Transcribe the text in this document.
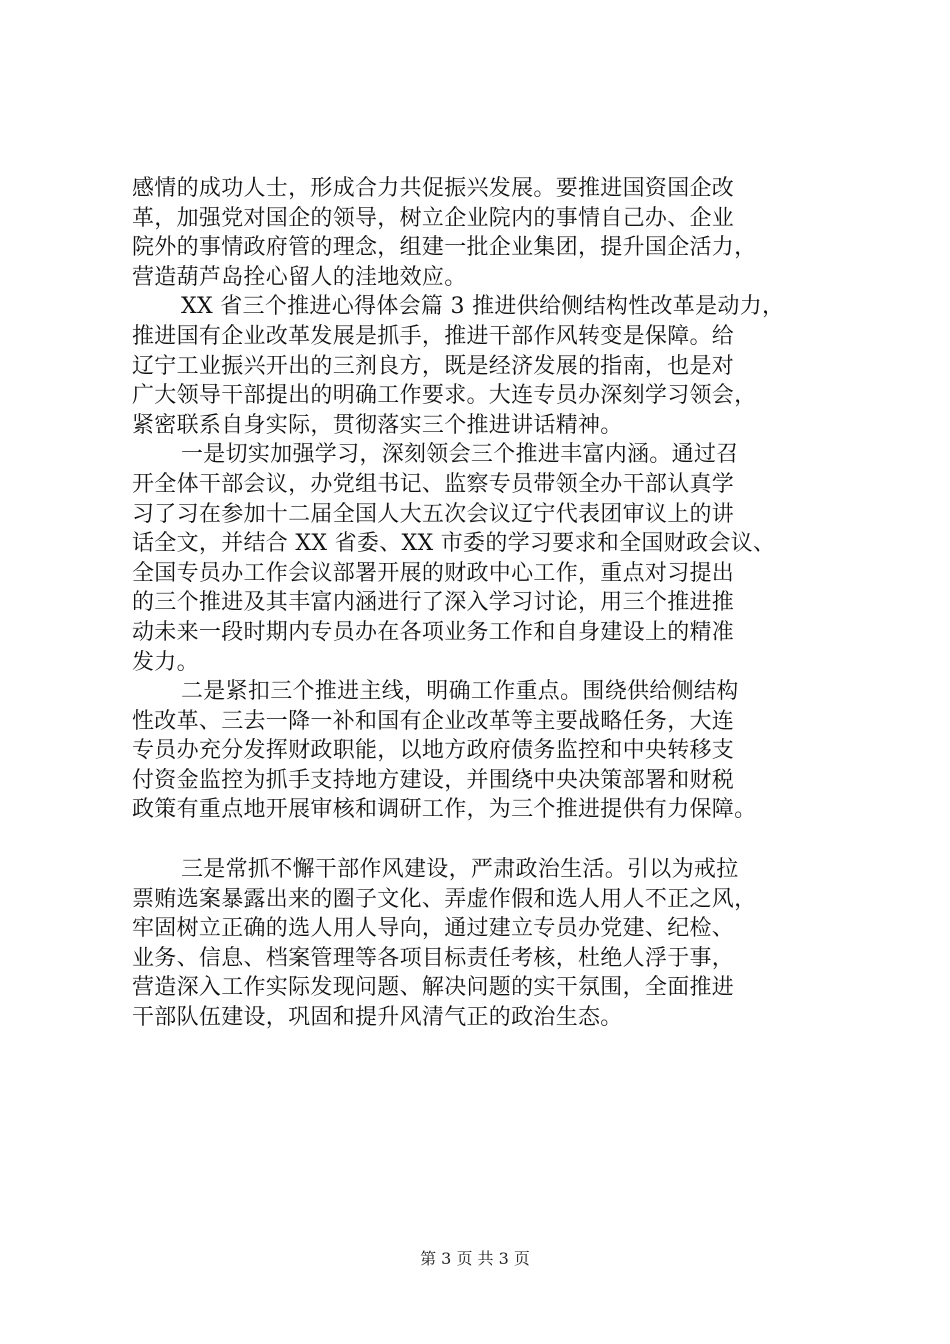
感情的成功人士，形成合力共促振兴发展。要推进国资国企改
革，加强党对国企的领导，树立企业院内的事情自己办、企业
院外的事情政府管的理念，组建一批企业集团，提升国企活力，
营造葫芦岛拴心留人的洼地效应。
XX 省三个推进心得体会篇 3 推进供给侧结构性改革是动力，
推进国有企业改革发展是抓手，推进干部作风转变是保障。给
辽宁工业振兴开出的三剂良方，既是经济发展的指南，也是对
广大领导干部提出的明确工作要求。大连专员办深刻学习领会，
紧密联系自身实际，贯彻落实三个推进讲话精神。
一是切实加强学习，深刻领会三个推进丰富内涵。通过召
开全体干部会议，办党组书记、监察专员带领全办干部认真学
习了习在参加十二届全国人大五次会议辽宁代表团审议上的讲
话全文，并结合 XX 省委、XX 市委的学习要求和全国财政会议、
全国专员办工作会议部署开展的财政中心工作，重点对习提出
的三个推进及其丰富内涵进行了深入学习讨论，用三个推进推
动未来一段时期内专员办在各项业务工作和自身建设上的精准
发力。
二是紧扣三个推进主线，明确工作重点。围绕供给侧结构
性改革、三去一降一补和国有企业改革等主要战略任务，大连
专员办充分发挥财政职能，以地方政府债务监控和中央转移支
付资金监控为抓手支持地方建设，并围绕中央决策部署和财税
政策有重点地开展审核和调研工作，为三个推进提供有力保障。
三是常抓不懈干部作风建设，严肃政治生活。引以为戒拉
票贿选案暴露出来的圈子文化、弄虚作假和选人用人不正之风，
牢固树立正确的选人用人导向，通过建立专员办党建、纪检、
业务、信息、档案管理等各项目标责任考核，杜绝人浮于事，
营造深入工作实际发现问题、解决问题的实干氛围，全面推进
干部队伍建设，巩固和提升风清气正的政治生态。
第 3 页 共 3 页
